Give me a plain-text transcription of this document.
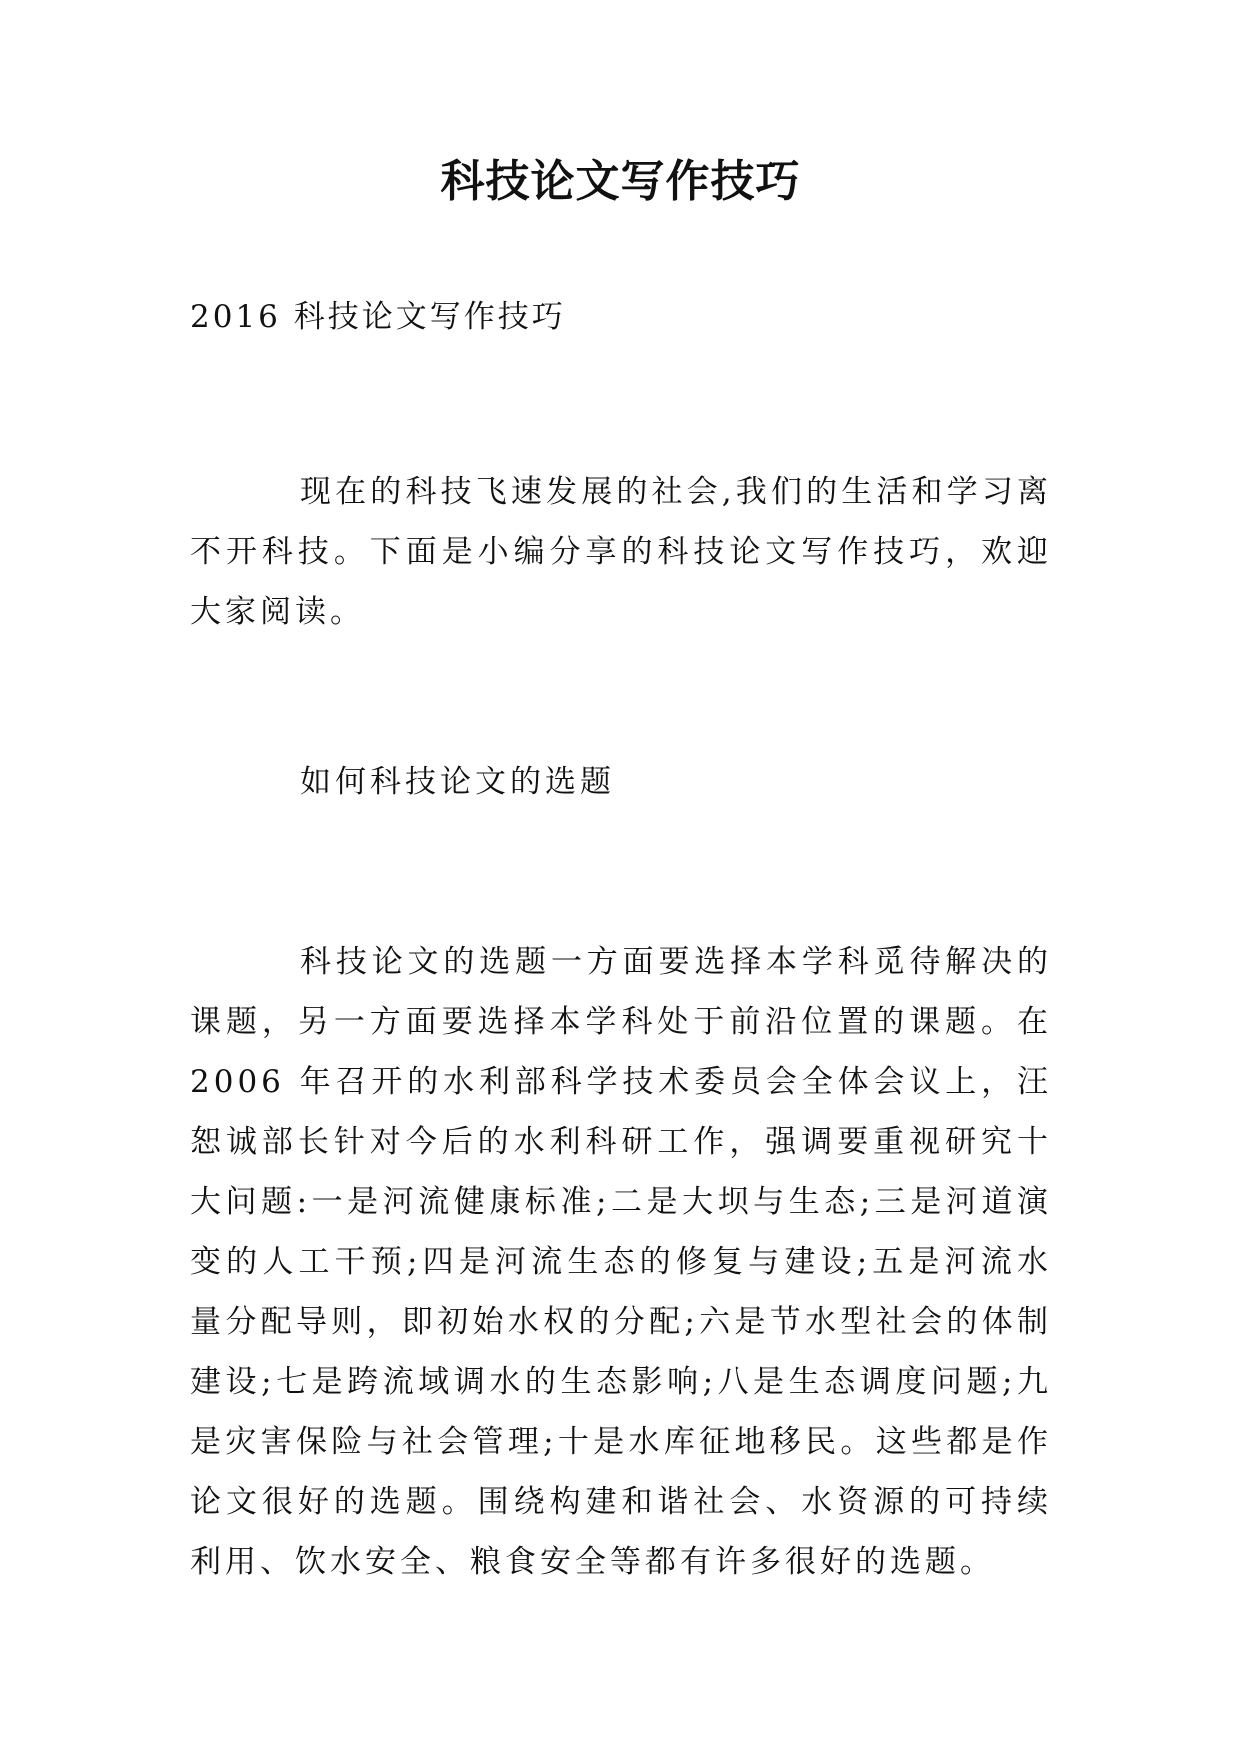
科技论文写作技巧

2016 科技论文写作技巧

现在的科技飞速发展的社会,我们的生活和学习离不开科技。下面是小编分享的科技论文写作技巧，欢迎大家阅读。

如何科技论文的选题

科技论文的选题一方面要选择本学科觅待解决的课题，另一方面要选择本学科处于前沿位置的课题。在 2006 年召开的水利部科学技术委员会全体会议上，汪恕诚部长针对今后的水利科研工作，强调要重视研究十大问题:一是河流健康标准;二是大坝与生态;三是河道演变的人工干预;四是河流生态的修复与建设;五是河流水量分配导则，即初始水权的分配;六是节水型社会的体制建设;七是跨流域调水的生态影响;八是生态调度问题;九是灾害保险与社会管理;十是水库征地移民。这些都是作论文很好的选题。围绕构建和谐社会、水资源的可持续利用、饮水安全、粮食安全等都有许多很好的选题。
